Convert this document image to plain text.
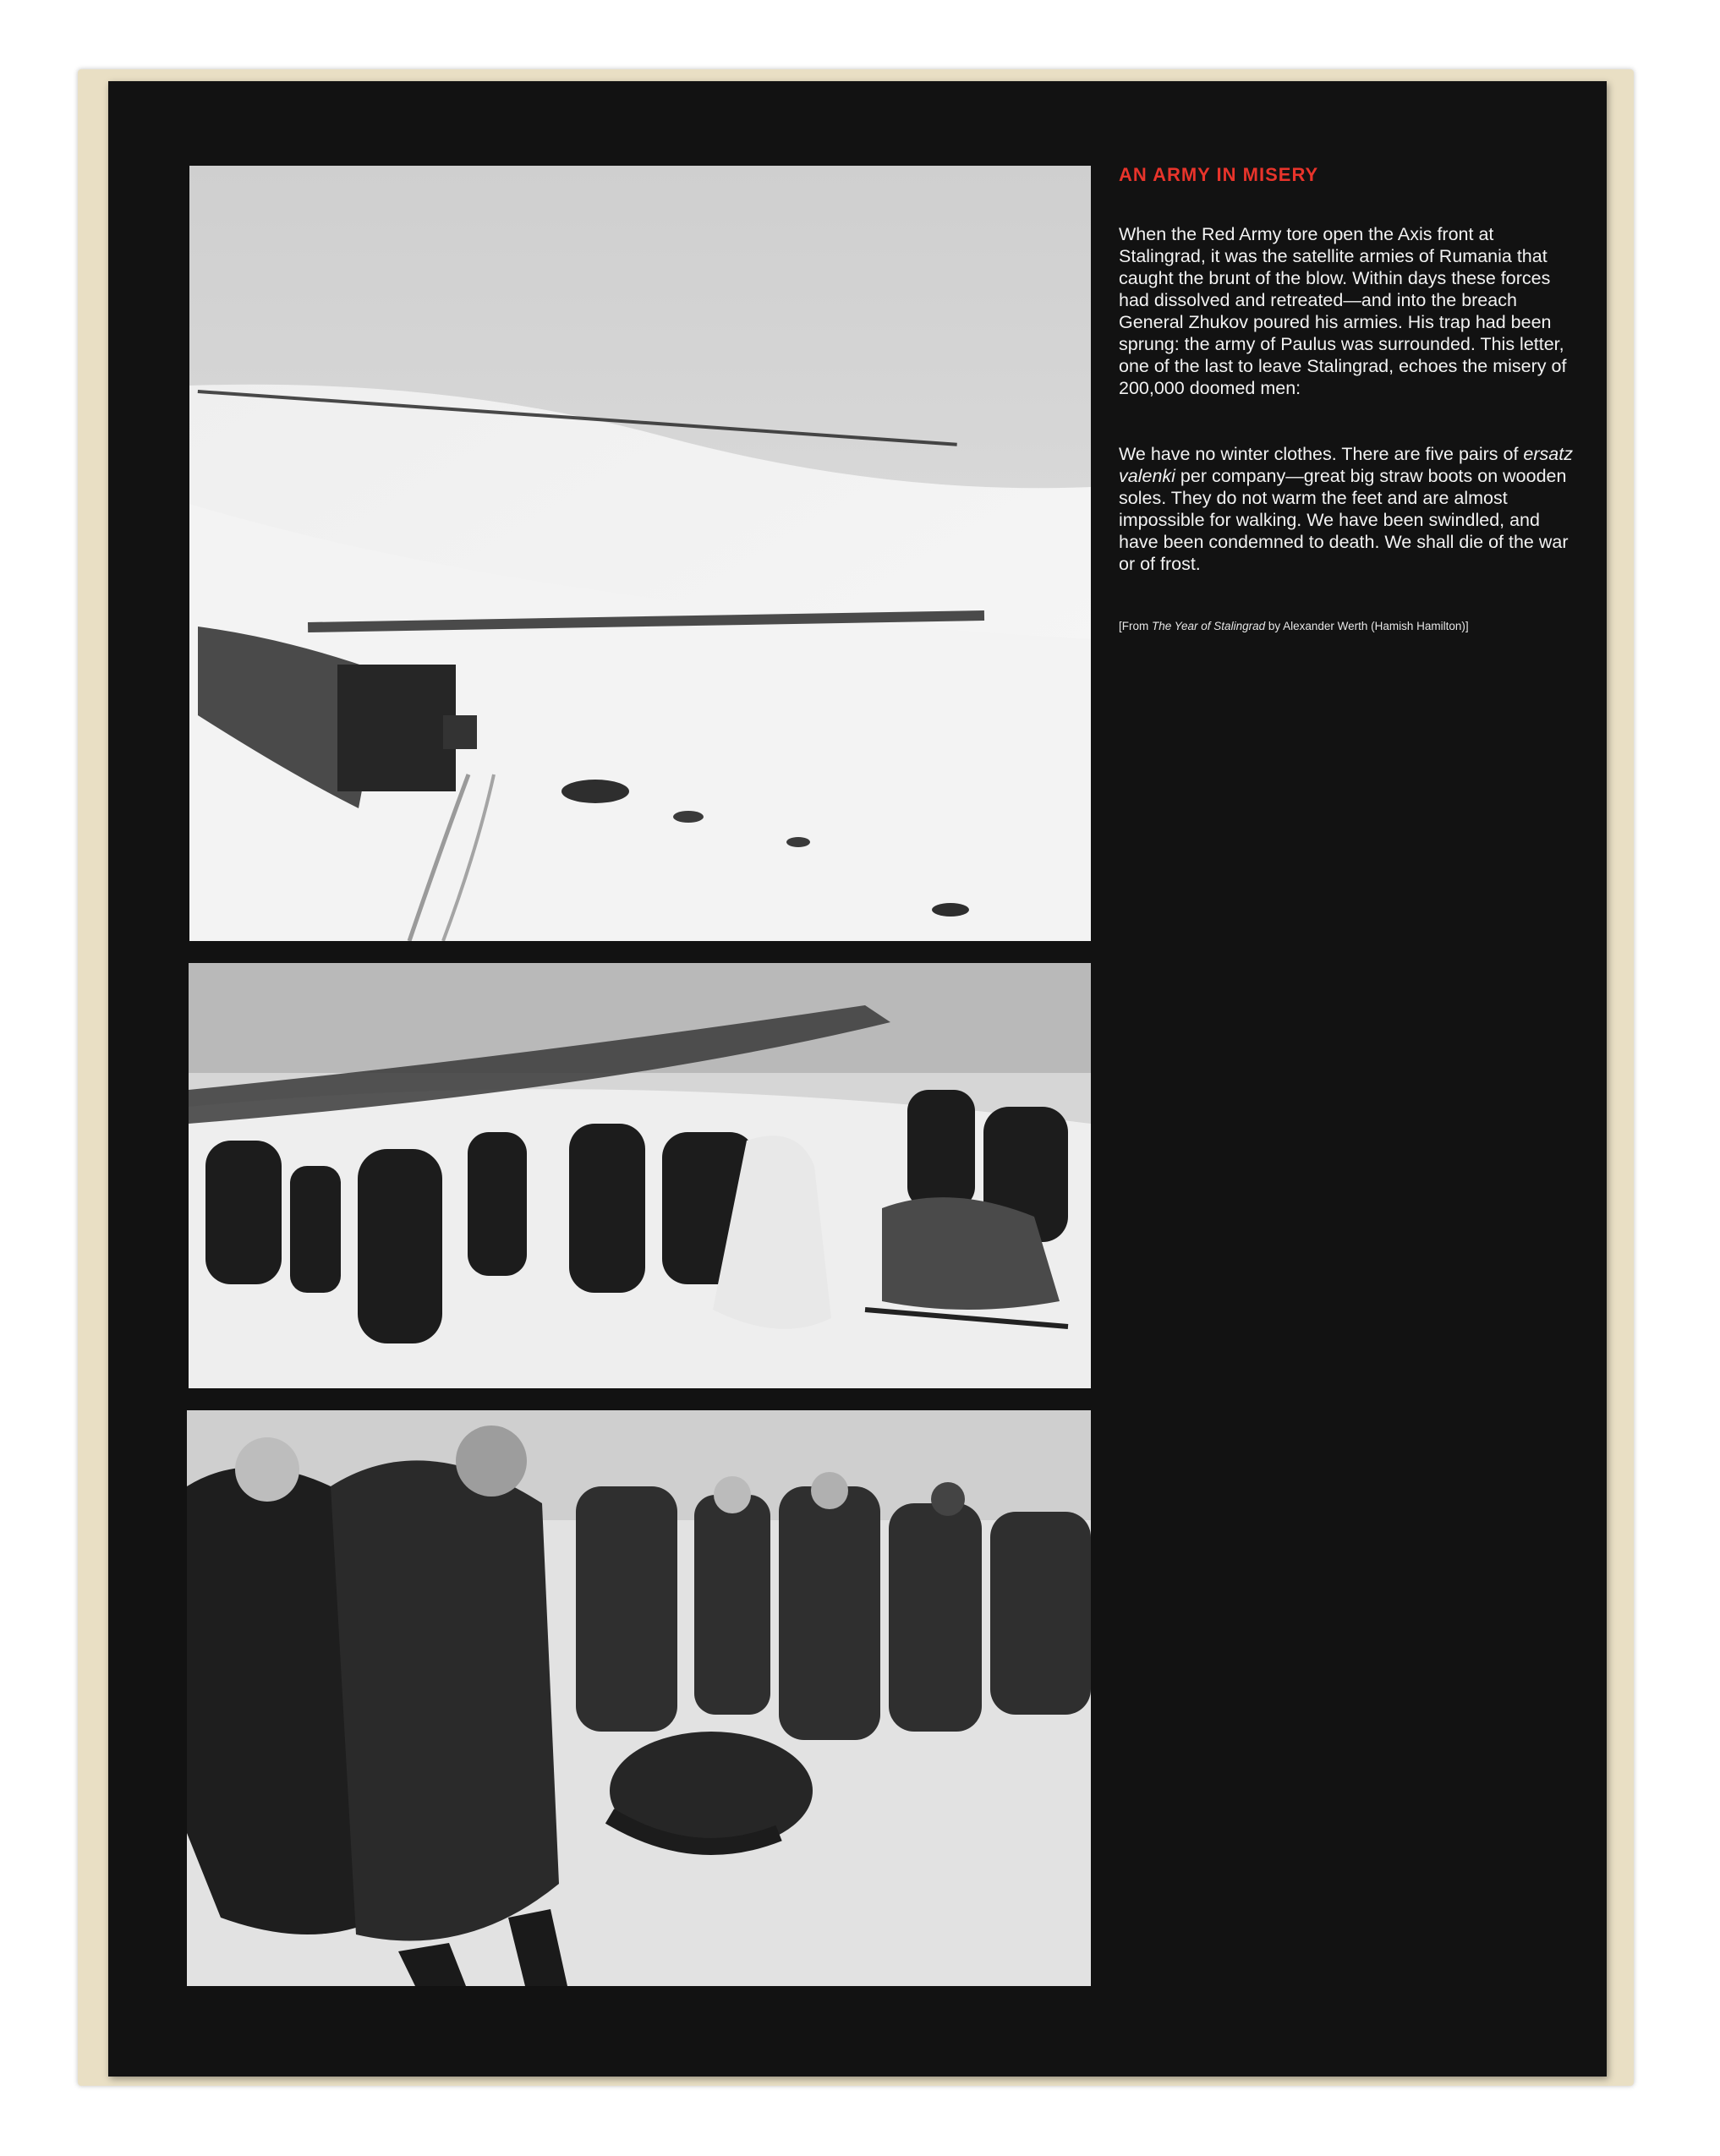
AN ARMY IN MISERY

When the Red Army tore open the Axis front at Stalingrad, it was the satellite armies of Rumania that caught the brunt of the blow. Within days these forces had dissolved and retreated—and into the breach General Zhukov poured his armies. His trap had been sprung: the army of Paulus was surrounded. This letter, one of the last to leave Stalingrad, echoes the misery of 200,000 doomed men:

We have no winter clothes. There are five pairs of ersatz valenki per company—great big straw boots on wooden soles. They do not warm the feet and are almost impossible for walking. We have been swindled, and have been condemned to death. We shall die of the war or of frost.

[From The Year of Stalingrad by Alexander Werth (Hamish Hamilton)]
